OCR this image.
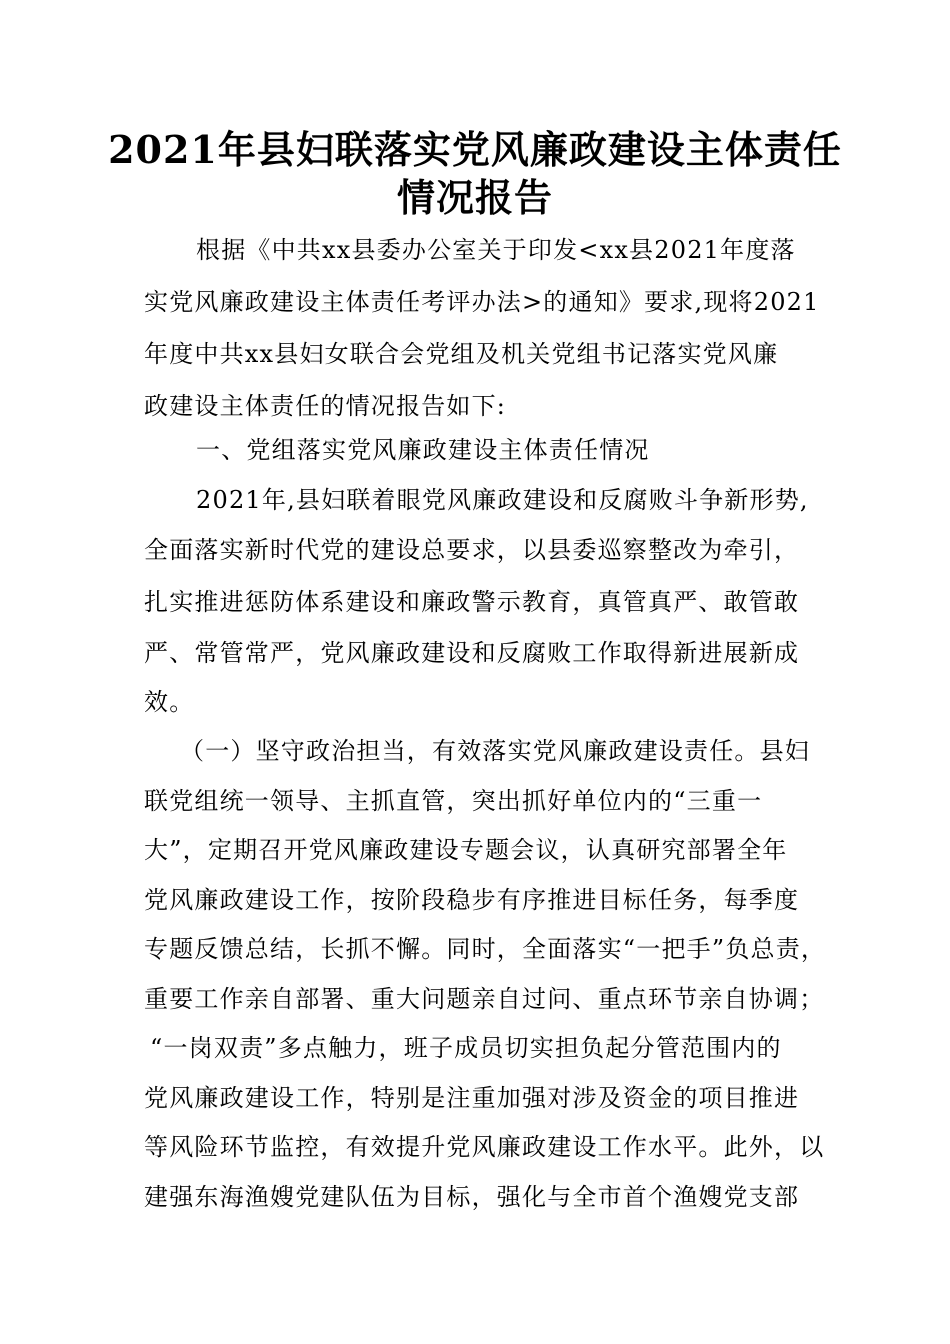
2021年县妇联落实党风廉政建设主体责任
情况报告
根据《中共xx县委办公室关于印发<xx县2021年度落
实党风廉政建设主体责任考评办法>的通知》要求,现将2021
年度中共xx县妇女联合会党组及机关党组书记落实党风廉
政建设主体责任的情况报告如下:
一、党组落实党风廉政建设主体责任情况
2021年,县妇联着眼党风廉政建设和反腐败斗争新形势,
全面落实新时代党的建设总要求，以县委巡察整改为牵引，
扎实推进惩防体系建设和廉政警示教育，真管真严、敢管敢
严、常管常严，党风廉政建设和反腐败工作取得新进展新成
效。
（一）坚守政治担当，有效落实党风廉政建设责任。县妇
联党组统一领导、主抓直管，突出抓好单位内的“三重一
大”，定期召开党风廉政建设专题会议，认真研究部署全年
党风廉政建设工作，按阶段稳步有序推进目标任务，每季度
专题反馈总结，长抓不懈。同时，全面落实“一把手”负总责，
重要工作亲自部署、重大问题亲自过问、重点环节亲自协调；
“一岗双责”多点触力，班子成员切实担负起分管范围内的
党风廉政建设工作，特别是注重加强对涉及资金的项目推进
等风险环节监控，有效提升党风廉政建设工作水平。此外，以
建强东海渔嫂党建队伍为目标，强化与全市首个渔嫂党支部
